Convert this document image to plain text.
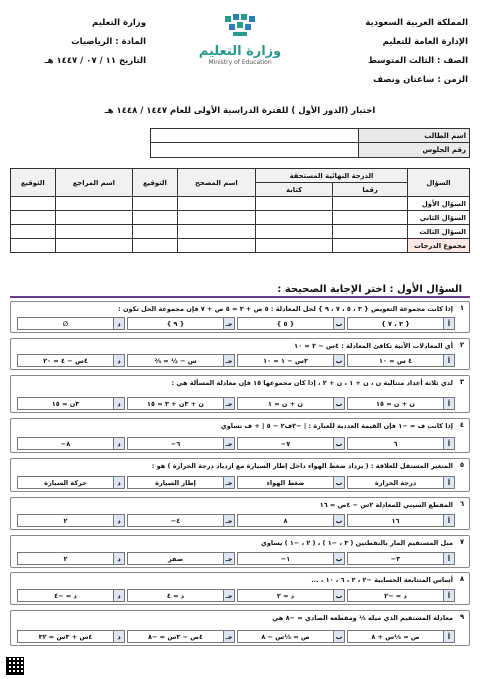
المملكة العربية السعودية
الإدارة العامة للتعليم
الصف : الثالث المتوسط
الزمن : ساعتان ونصف
وزارة التعليم
Ministry of Education
وزارة التعليم
المادة : الرياضيات
التاريخ ١١ / ٠٧ / ١٤٤٧ هـ
اختبار (الدور الأول ) للفترة الدراسية الأولى للعام ١٤٤٧ / ١٤٤٨ هـ
اسم الطالب
رقم الجلوس
السؤال	الدرجة النهائية المستحقة		اسم المصحح	التوقيع	اسم المراجع	التوقيع
	رقما	كتابة				
السؤال الأول						
السؤال الثاني						
السؤال الثالث						
مجموع الدرجات						
السؤال الأول : اختر الإجابة الصحيحة :
١
إذا كانت مجموعة التعويض { ٣ ، ٥ ، ٧ ، ٩ } لحل المعادلة : ٥ ص + ٣ = ٥ ص + ٧ فإن مجموعة الحل تكون :
أ
{ ٣ ، ٧ }
ب
{ ٥ }
جـ
{ ٩ }
د
∅
٢
أي المعادلات الآتية تكافئ المعادلة : ٤س − ٢ = ١٠
أ
٤ س = ١٠
ب
٣س − ١ = ١٠
جـ
س − ½ = ⅔
د
٤س − ٤ = ٢٠
٣
لدي ثلاثة أعداد متتالية ن ، ن + ١ ، ن + ٢ ، إذا كان مجموعها ١٥ فإن معادلة المسألة هي :
أ
ن + ن = ١٥
ب
ن + ن = ١
جـ
ن + ٣ن + ٣ = ١٥
د
٣ن = ١٥
٤
إذا كانت ف = −١ فإن القيمة العددية للعبارة : | −٢ف٢ − ٥ | + ف تساوي
أ
٦
ب
٧−
جـ
٦−
د
٨−
٥
المتغير المستقل للعلاقة : ( يزداد ضغط الهواء داخل إطار السيارة مع ازدياد درجة الحرارة ) هو :
أ
درجة الحرارة
ب
ضغط الهواء
جـ
إطار السيارة
د
حركة السيارة
٦
المقطع السيني للمعادلة ٢س − ٤ص = ١٦
أ
١٦
ب
٨
جـ
٤−
د
٢
٧
ميل المستقيم المار بالنقطتين ( ٣ ، −١ ) ، ( ٢ ، −١ ) يساوي
أ
٣−
ب
١−
جـ
صفر
د
٢
٨
أساس المتتابعة الحسابية −٢ ، ٢ ، ٦ ، ١٠ ، ...
أ
د = −٢
ب
د = ٢
جـ
د = ٤
د
د = −٤
٩
معادلة المستقيم الذي ميله ⅓ ومقطعه الصادي = −٨ هي
أ
ص = ⅓س + ٨
ب
ص = ⅓س − ٨
جـ
٤ص − ٣س = −٨
د
٤س + ٣س = ٣٢
